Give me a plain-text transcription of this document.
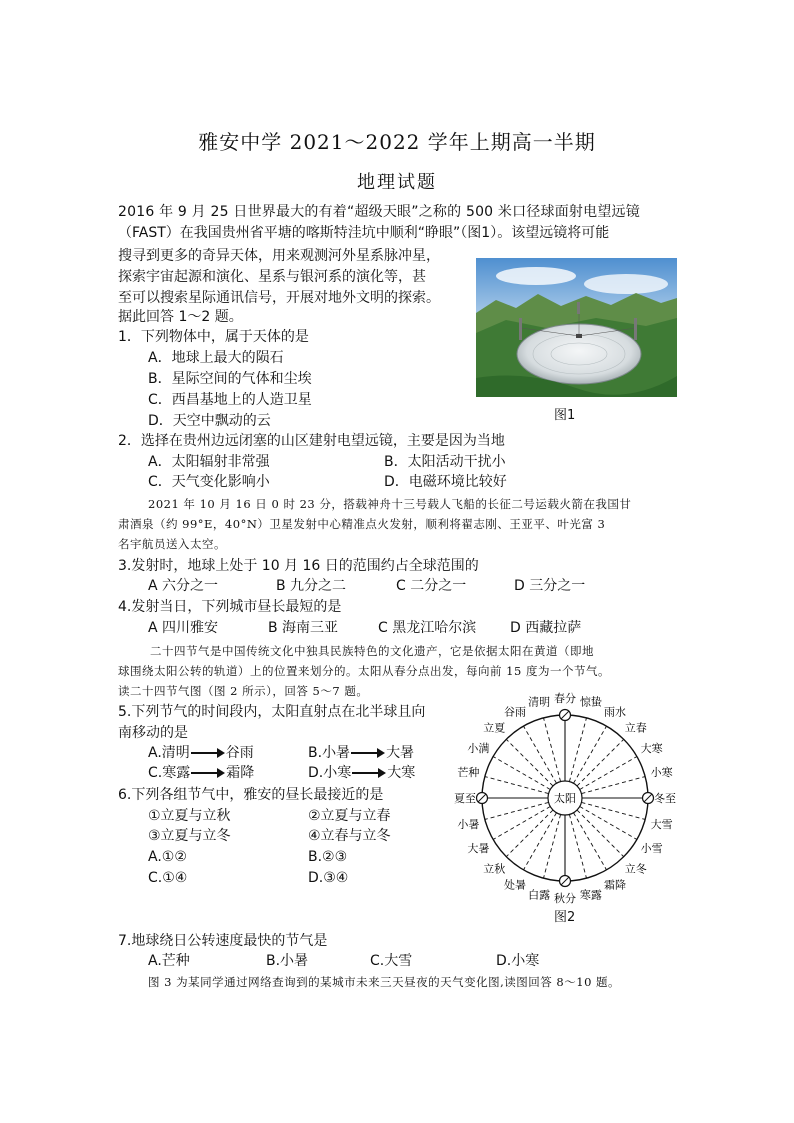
雅安中学 2021～2022 学年上期高一半期
地理试题
2016 年 9 月 25 日世界最大的有着“超级天眼”之称的 500 米口径球面射电望远镜
（FAST）在我国贵州省平塘的喀斯特洼坑中顺利“睁眼”（图1）。该望远镜将可能
搜寻到更多的奇异天体，用来观测河外星系脉冲星，
探索宇宙起源和演化、星系与银河系的演化等，甚
至可以搜索星际通讯信号，开展对地外文明的探索。
据此回答 1～2 题。
图1
1．下列物体中，属于天体的是
A．地球上最大的陨石
B．星际空间的气体和尘埃
C．西昌基地上的人造卫星
D．天空中飘动的云
2．选择在贵州边远闭塞的山区建射电望远镜，主要是因为当地
A．太阳辐射非常强	B．太阳活动干扰小
C．天气变化影响小	D．电磁环境比较好
2021 年 10 月 16 日 0 时 23 分，搭载神舟十三号载人飞船的长征二号运载火箭在我国甘
肃酒泉（约 99°E，40°N）卫星发射中心精准点火发射，顺利将翟志刚、王亚平、叶光富 3
名宇航员送入太空。
3.发射时，地球上处于 10 月 16 日的范围约占全球范围的
A 六分之一	B 九分之二	C 二分之一	D 三分之一
4.发射当日，下列城市昼长最短的是
A 四川雅安	B 海南三亚	C 黑龙江哈尔滨 D 西藏拉萨
二十四节气是中国传统文化中独具民族特色的文化遗产，它是依据太阳在黄道（即地
球围绕太阳公转的轨道）上的位置来划分的。太阳从春分点出发，每向前 15 度为一个节气。
读二十四节气图（图 2 所示），回答 5～7 题。
5.下列节气的时间段内，太阳直射点在北半球且向
南移动的是
A.清明	谷雨	B.小暑	大暑
C.寒露	霜降	D.小寒	大寒
6.下列各组节气中，雅安的昼长最接近的是
①立夏与立秋	②立夏与立春
③立夏与立冬	④立春与立冬
A.①②	B.②③
C.①④	D.③④
太阳
春分 惊蛰
雨水
立春
大寒
小寒
冬至
大雪
小雪
立冬
霜降
寒露
秋分
白露
处暑
立秋
大暑
小暑
夏至
芒种
小满
立夏
谷雨
清明
图2
7.地球绕日公转速度最快的节气是
A.芒种	B.小暑	C.大雪	D.小寒
图 3 为某同学通过网络查询到的某城市未来三天昼夜的天气变化图,读图回答 8～10 题。
